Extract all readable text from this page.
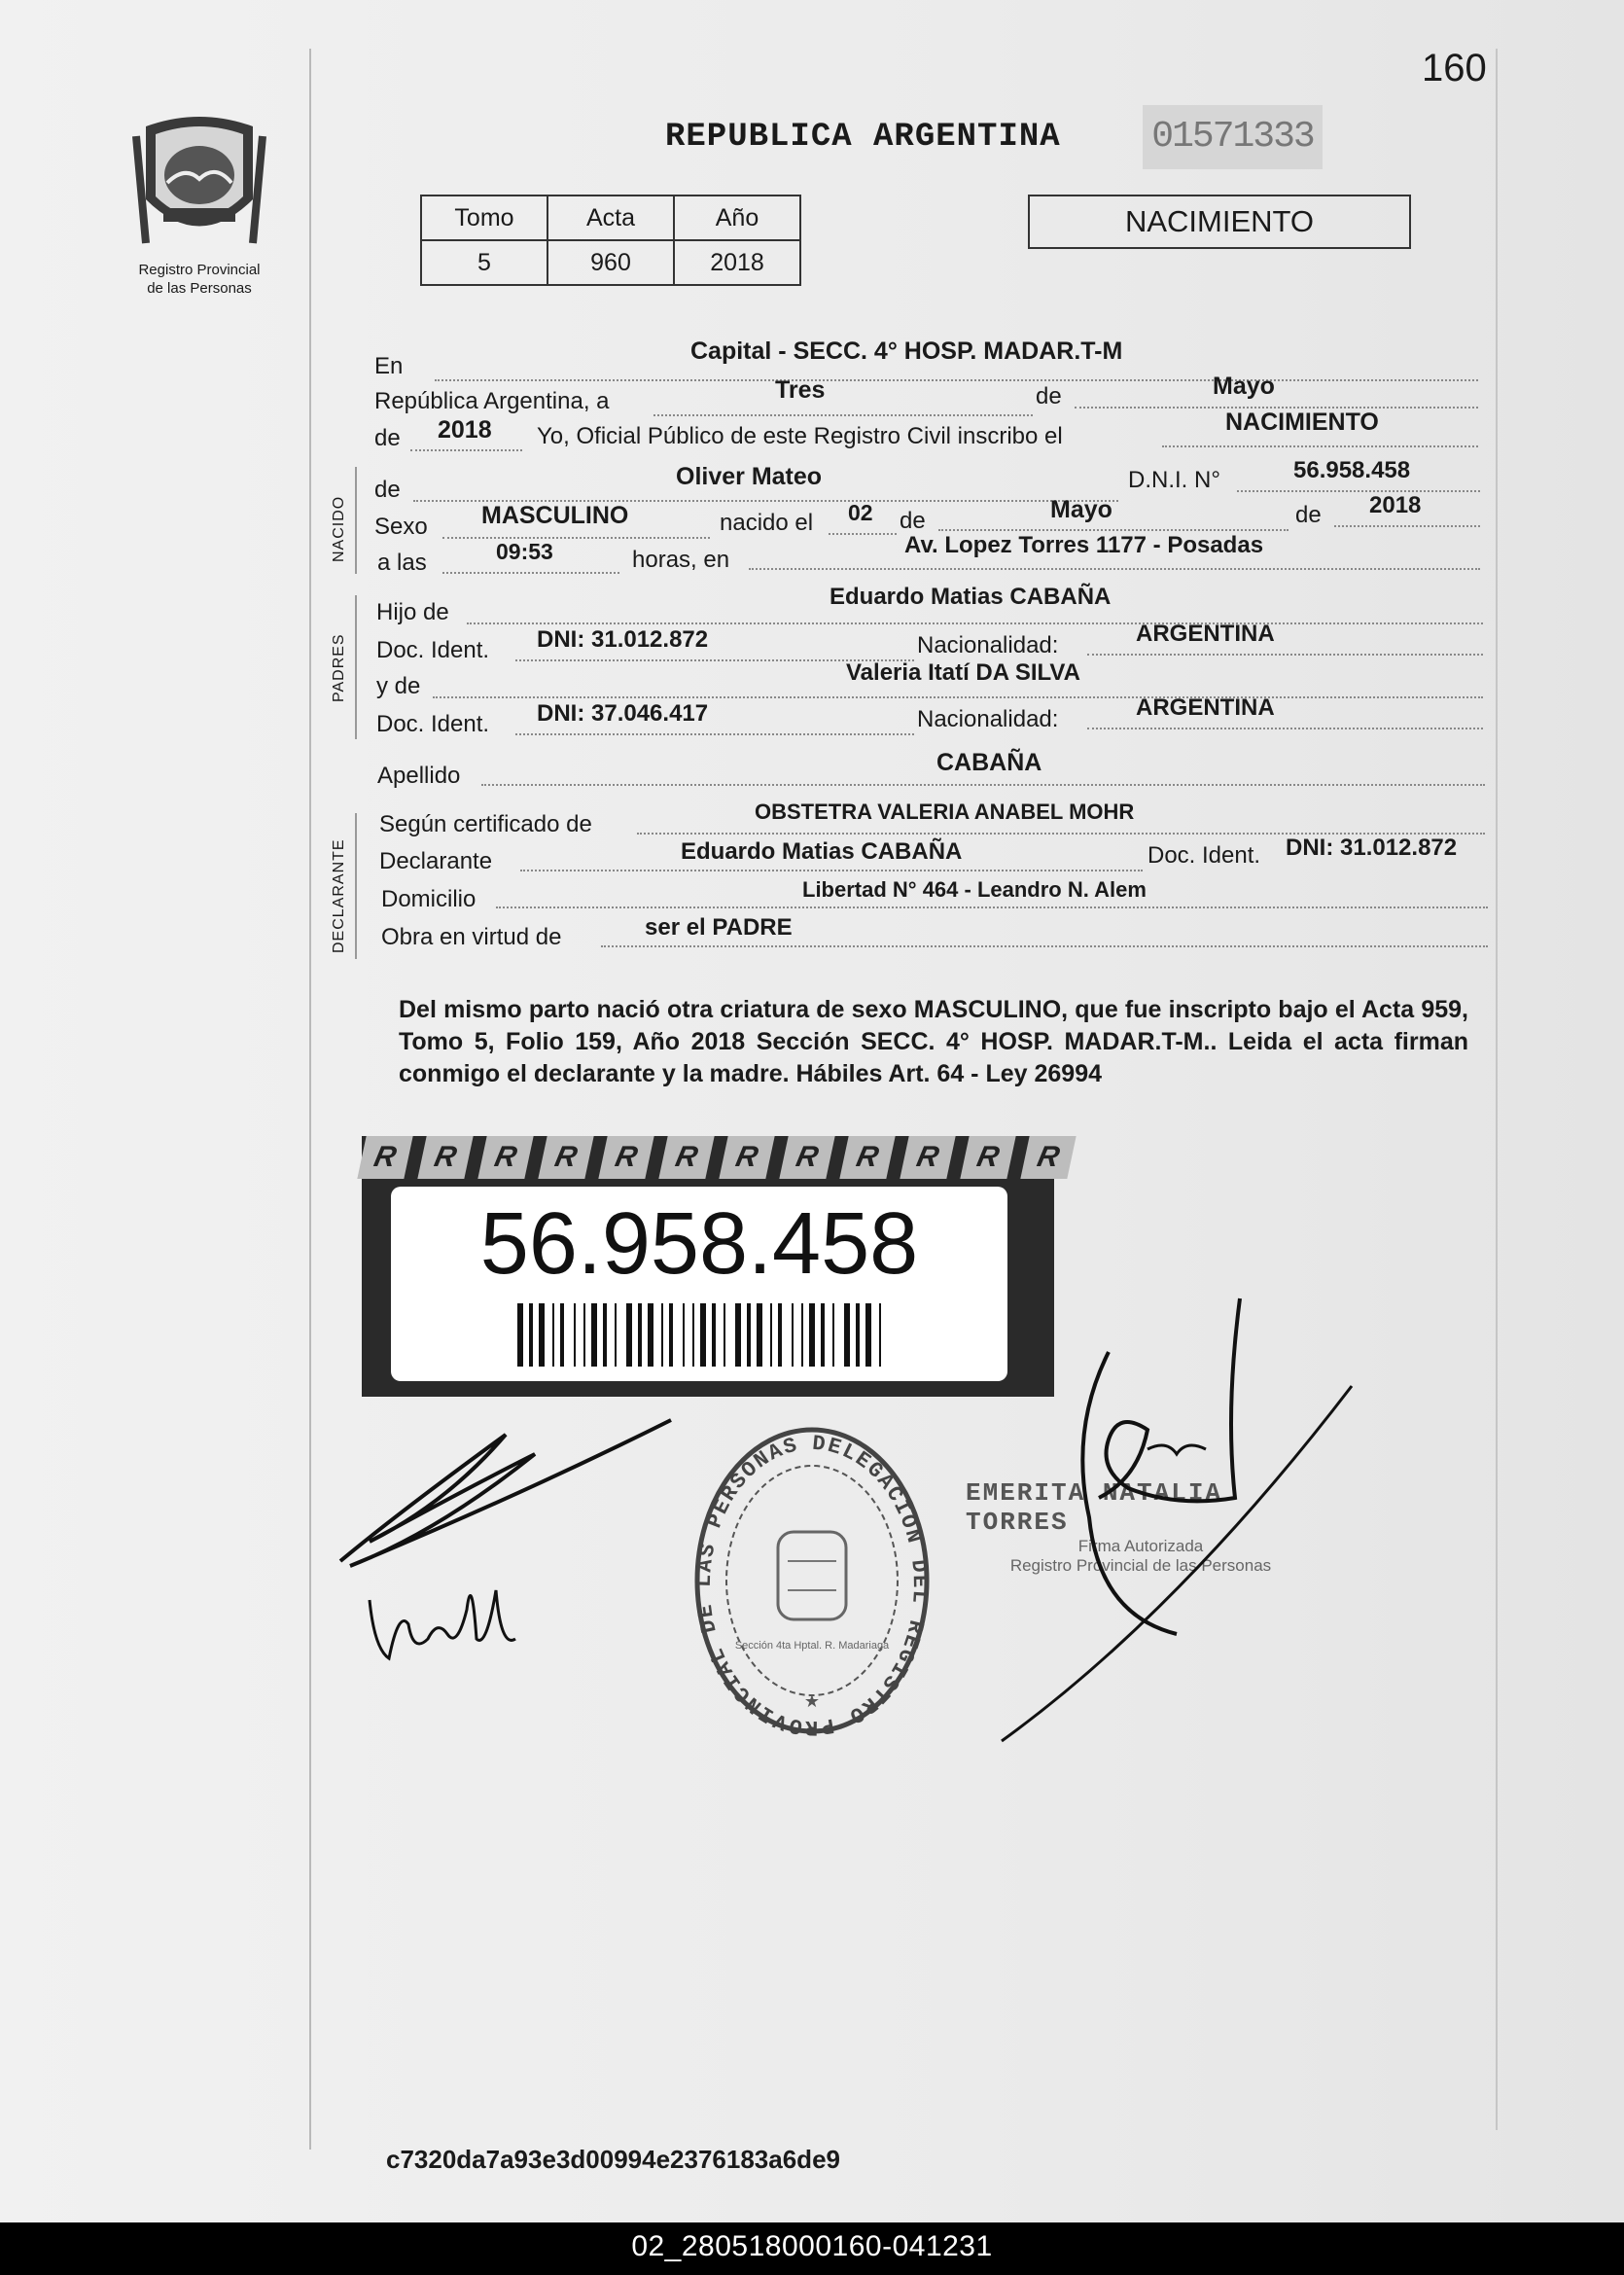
160
Registro Provincial
de las Personas
REPUBLICA ARGENTINA 01571333
Tomo	Acta	Año
5	960	2018
NACIMIENTO
En
Capital - SECC. 4° HOSP. MADAR.T-M
República Argentina, a	Tres	de	Mayo
de 2018 Yo, Oficial Público de este Registro Civil inscribo el
NACIMIENTO
NACIDO
de	Oliver Mateo	D.N.I. N°	56.958.458
Sexo MASCULINO	nacido el 02 de	Mayo	de 2018
a las	09:53	horas, en
Av. Lopez Torres 1177 - Posadas
PADRES
Hijo de
Eduardo Matias CABAÑA
Doc. Ident. DNI: 31.012.872	Nacionalidad:	ARGENTINA
y de
Valeria Itatí DA SILVA
Doc. Ident. DNI: 37.046.417	Nacionalidad:	ARGENTINA
Apellido	CABAÑA
DECLARANTE
Según certificado de	OBSTETRA VALERIA ANABEL MOHR
Declarante	Eduardo Matias CABAÑA	Doc. Ident. DNI: 31.012.872
Domicilio	Libertad N° 464 - Leandro N. Alem
Obra en virtud de	ser el PADRE
Del mismo parto nació otra criatura de sexo MASCULINO, que fue inscripto bajo el Acta 959, Tomo 5, Folio 159, Año 2018 Sección SECC. 4° HOSP. MADAR.T-M.. Leida el acta firman conmigo el declarante y la madre. Hábiles Art. 64 - Ley 26994
R	R	R	R	R	R	R	R	R	R	R	R
56.958.458
Valezl
DELEGACION DEL REGISTRO PROVINCIAL DE LAS PERSONAS
Sección 4ta Hptal. R. Madariaga
★
EMERITA NATALIA TORRES
Firma Autorizada
Registro Provincial de las Personas
c7320da7a93e3d00994e2376183a6de9
02_280518000160-041231
